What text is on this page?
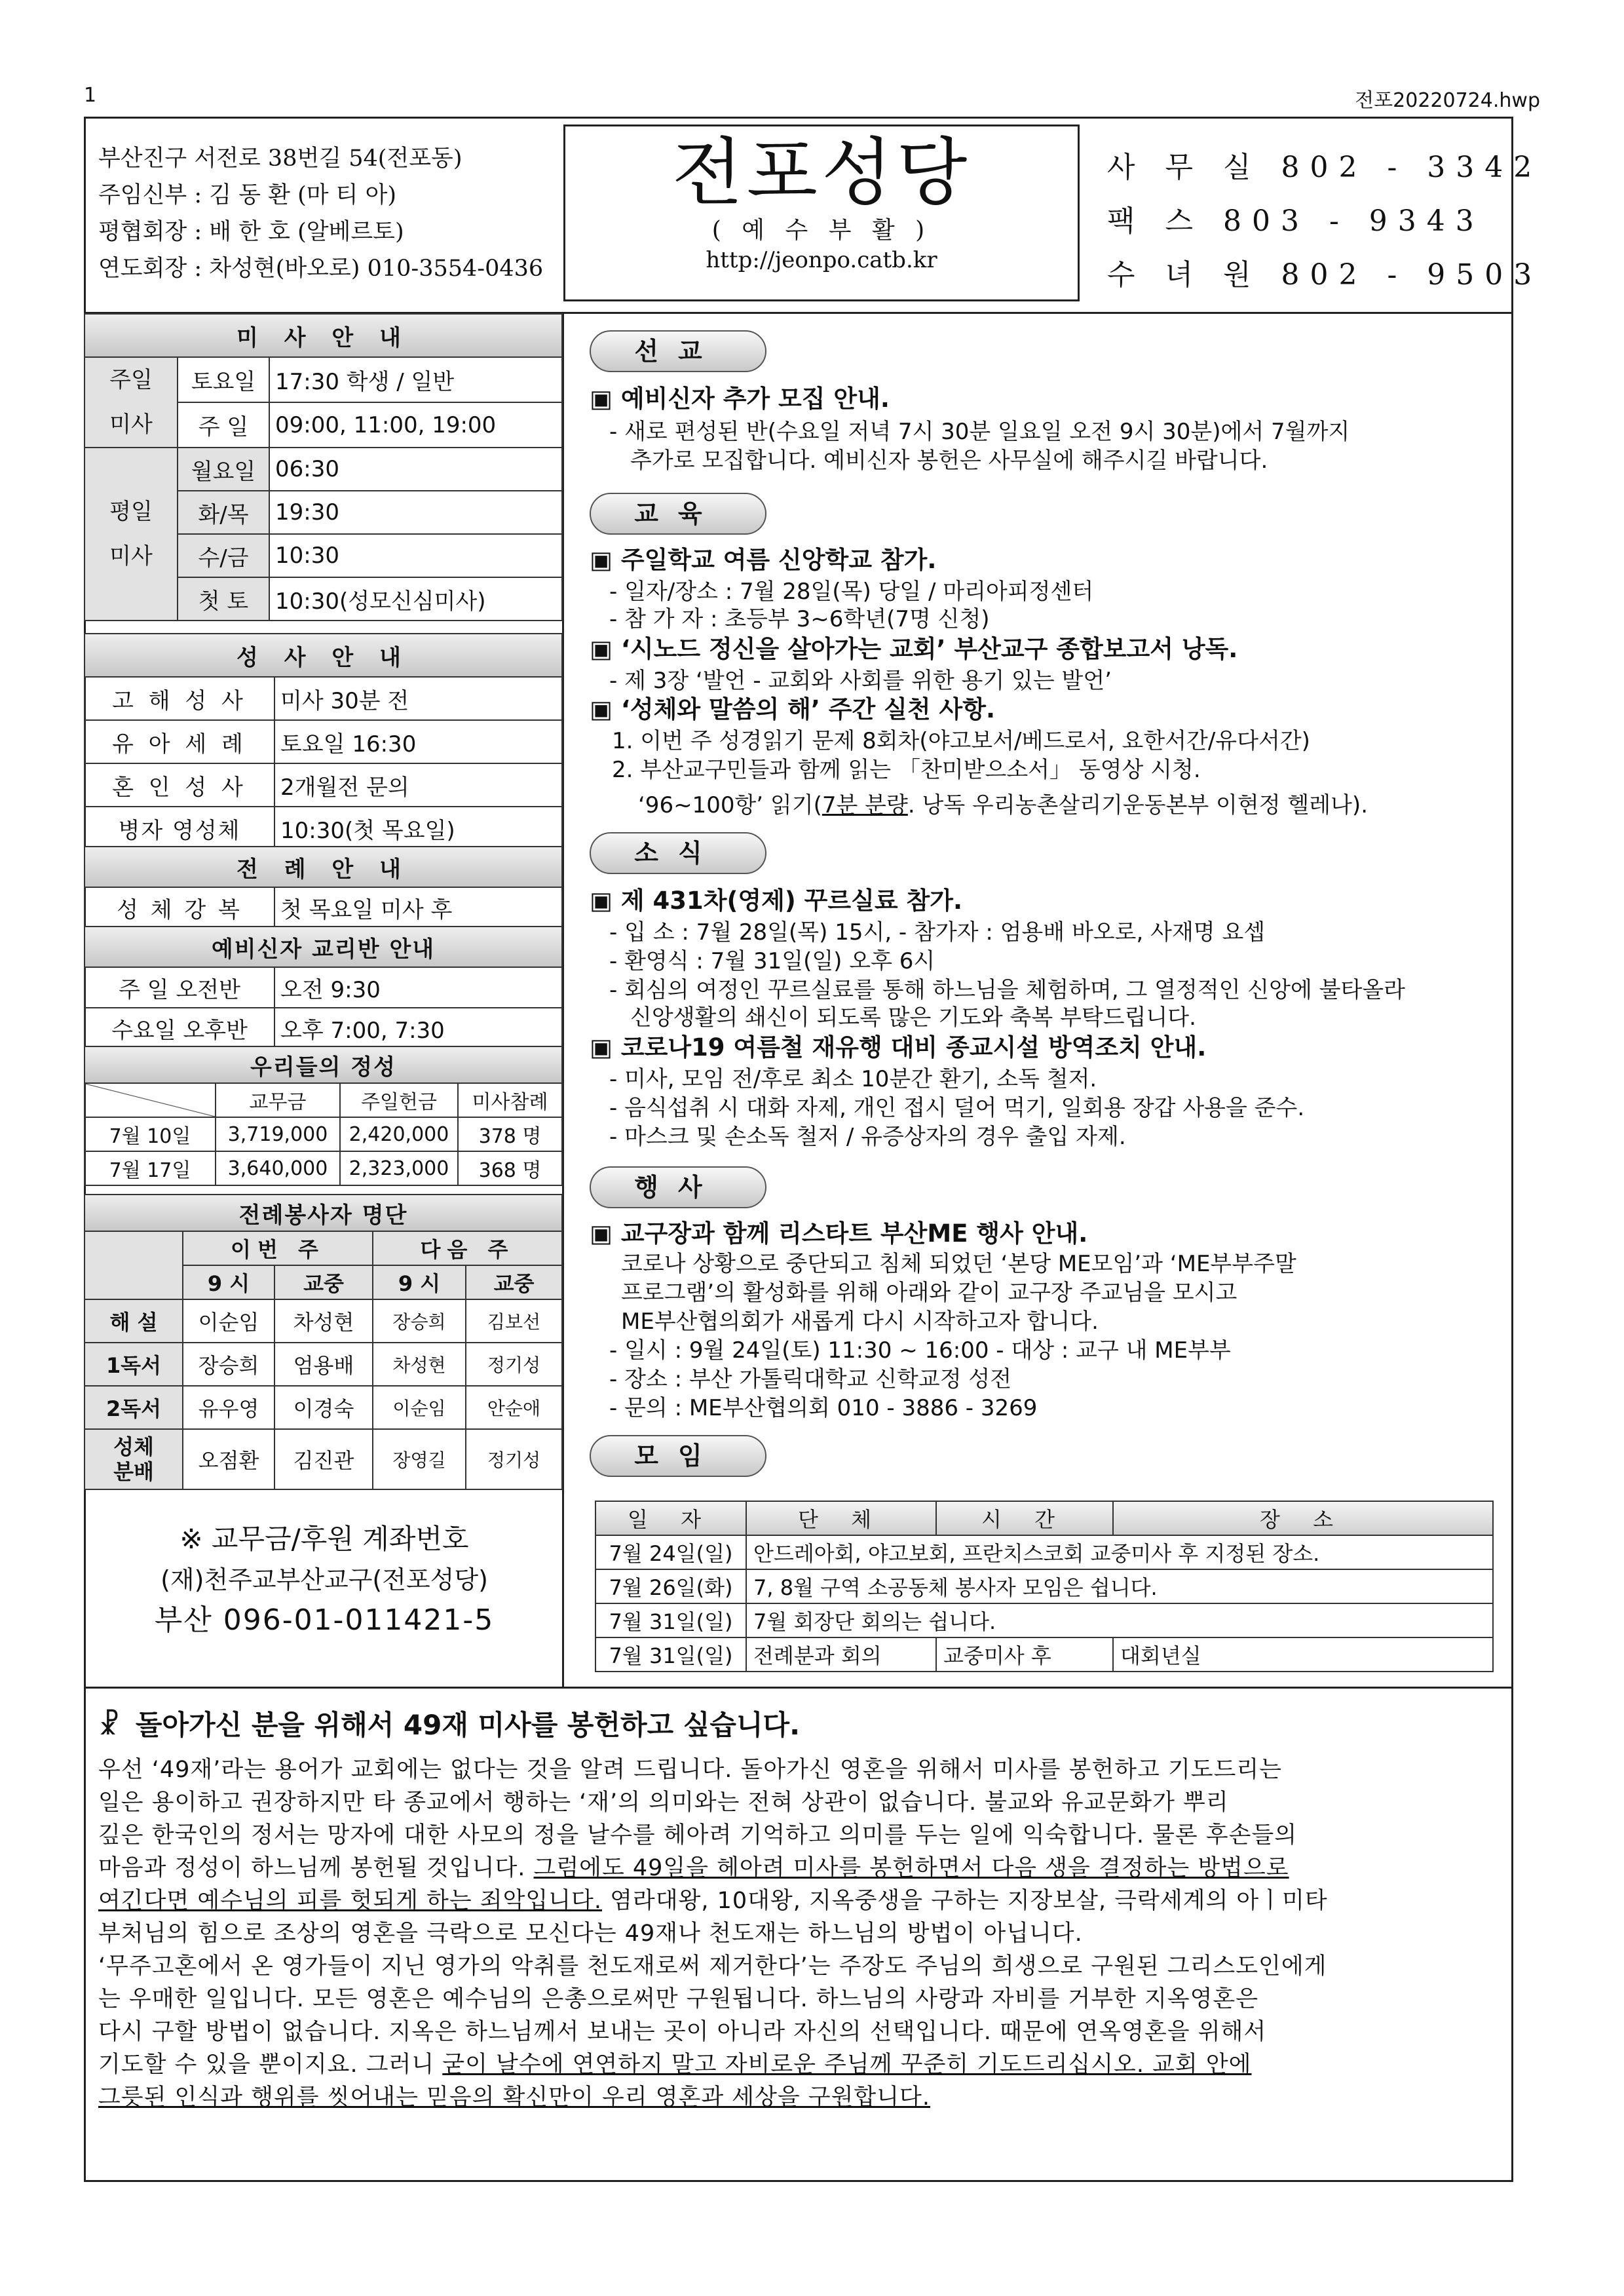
1	전포20220724.hwp
부산진구 서전로 38번길 54(전포동)
주임신부 : 김 동 환 (마 티 아)
평협회장 : 배 한 호 (알베르토)
연도회장 : 차성현(바오로) 010-3554-0436
전포성당
( 예 수 부 활 )
http://jeonpo.catb.kr
사 무 실 802 - 3342
팩 스 803 - 9343
수 녀 원 802 - 9503
미 사 안 내		
주일
미사	토요일	17:30 학생 / 일반
	주 일	09:00, 11:00, 19:00
평일
미사	월요일	06:30
	화/목	19:30
	수/금	10:30
	첫 토	10:30(성모신심미사)
성 사 안 내	
고 해 성 사	미사 30분 전
유 아 세 례	토요일 16:30
혼 인 성 사	2개월전 문의
병자 영성체	10:30(첫 목요일)
전 례 안 내
성 체 강 복	첫 목요일 미사 후
예비신자 교리반 안내	
주 일 오전반	오전 9:30
수요일 오후반	오후 7:00, 7:30
우리들의 정성			
	교무금	주일헌금	미사참례
7월 10일	3,719,000	2,420,000	378 명
7월 17일	3,640,000	2,323,000	368 명
전례봉사자 명단				
	이번 주		다음 주	
	9 시	교중	9 시	교중
해 설	이순임	차성현	장승희	김보선
1독서	장승희	엄용배	차성현	정기성
2독서	유우영	이경숙	이순임	안순애
성체
분배	오점환	김진관	장영길	정기성
※ 교무금/후원 계좌번호
(재)천주교부산교구(전포성당)
부산 096-01-011421-5
선교
▣ 예비신자 추가 모집 안내.
- 새로 편성된 반(수요일 저녁 7시 30분 일요일 오전 9시 30분)에서 7월까지
추가로 모집합니다. 예비신자 봉헌은 사무실에 해주시길 바랍니다.
교육
▣ 주일학교 여름 신앙학교 참가.
- 일자/장소 : 7월 28일(목) 당일 / 마리아피정센터
- 참 가 자 : 초등부 3~6학년(7명 신청)
▣ ‘시노드 정신을 살아가는 교회’ 부산교구 종합보고서 낭독.
- 제 3장 ‘발언 - 교회와 사회를 위한 용기 있는 발언’
▣ ‘성체와 말씀의 해’ 주간 실천 사항.
1. 이번 주 성경읽기 문제 8회차(야고보서/베드로서, 요한서간/유다서간)
2. 부산교구민들과 함께 읽는 「찬미받으소서」 동영상 시청.
‘96~100항’ 읽기(7분 분량. 낭독 우리농촌살리기운동본부 이현정 헬레나).
소식
▣ 제 431차(영제) 꾸르실료 참가.
- 입 소 : 7월 28일(목) 15시, - 참가자 : 엄용배 바오로, 사재명 요셉
- 환영식 : 7월 31일(일) 오후 6시
- 회심의 여정인 꾸르실료를 통해 하느님을 체험하며, 그 열정적인 신앙에 불타올라
신앙생활의 쇄신이 되도록 많은 기도와 축복 부탁드립니다.
▣ 코로나19 여름철 재유행 대비 종교시설 방역조치 안내.
- 미사, 모임 전/후로 최소 10분간 환기, 소독 철저.
- 음식섭취 시 대화 자제, 개인 접시 덜어 먹기, 일회용 장갑 사용을 준수.
- 마스크 및 손소독 철저 / 유증상자의 경우 출입 자제.
행사
▣ 교구장과 함께 리스타트 부산ME 행사 안내.
코로나 상황으로 중단되고 침체 되었던 ‘본당 ME모임’과 ‘ME부부주말
프로그램’의 활성화를 위해 아래와 같이 교구장 주교님을 모시고
ME부산협의회가 새롭게 다시 시작하고자 합니다.
- 일시 : 9월 24일(토) 11:30 ~ 16:00 - 대상 : 교구 내 ME부부
- 장소 : 부산 가톨릭대학교 신학교정 성전
- 문의 : ME부산협의회 010 - 3886 - 3269
모임
일 자	단 체	시 간	장 소
7월 24일(일)	안드레아회, 야고보회, 프란치스코회 교중미사 후 지정된 장소.		
7월 26일(화)	7, 8월 구역 소공동체 봉사자 모임은 쉽니다.		
7월 31일(일)	7월 회장단 회의는 쉽니다.		
7월 31일(일)	전례분과 회의	교중미사 후	대회년실
☧ 돌아가신 분을 위해서 49재 미사를 봉헌하고 싶습니다.

우선 ‘49재’라는 용어가 교회에는 없다는 것을 알려 드립니다. 돌아가신 영혼을 위해서 미사를 봉헌하고 기도드리는

일은 용이하고 권장하지만 타 종교에서 행하는 ‘재’의 의미와는 전혀 상관이 없습니다. 불교와 유교문화가 뿌리

깊은 한국인의 정서는 망자에 대한 사모의 정을 날수를 헤아려 기억하고 의미를 두는 일에 익숙합니다. 물론 후손들의

마음과 정성이 하느님께 봉헌될 것입니다. 그럼에도 49일을 헤아려 미사를 봉헌하면서 다음 생을 결정하는 방법으로

여긴다면 예수님의 피를 헛되게 하는 죄악입니다. 염라대왕, 10대왕, 지옥중생을 구하는 지장보살, 극락세계의 아ㅣ미타

부처님의 힘으로 조상의 영혼을 극락으로 모신다는 49재나 천도재는 하느님의 방법이 아닙니다.

‘무주고혼에서 온 영가들이 지닌 영가의 악취를 천도재로써 제거한다’는 주장도 주님의 희생으로 구원된 그리스도인에게

는 우매한 일입니다. 모든 영혼은 예수님의 은총으로써만 구원됩니다. 하느님의 사랑과 자비를 거부한 지옥영혼은

다시 구할 방법이 없습니다. 지옥은 하느님께서 보내는 곳이 아니라 자신의 선택입니다. 때문에 연옥영혼을 위해서

기도할 수 있을 뿐이지요. 그러니 굳이 날수에 연연하지 말고 자비로운 주님께 꾸준히 기도드리십시오. 교회 안에

그릇된 인식과 행위를 씻어내는 믿음의 확신만이 우리 영혼과 세상을 구원합니다.
